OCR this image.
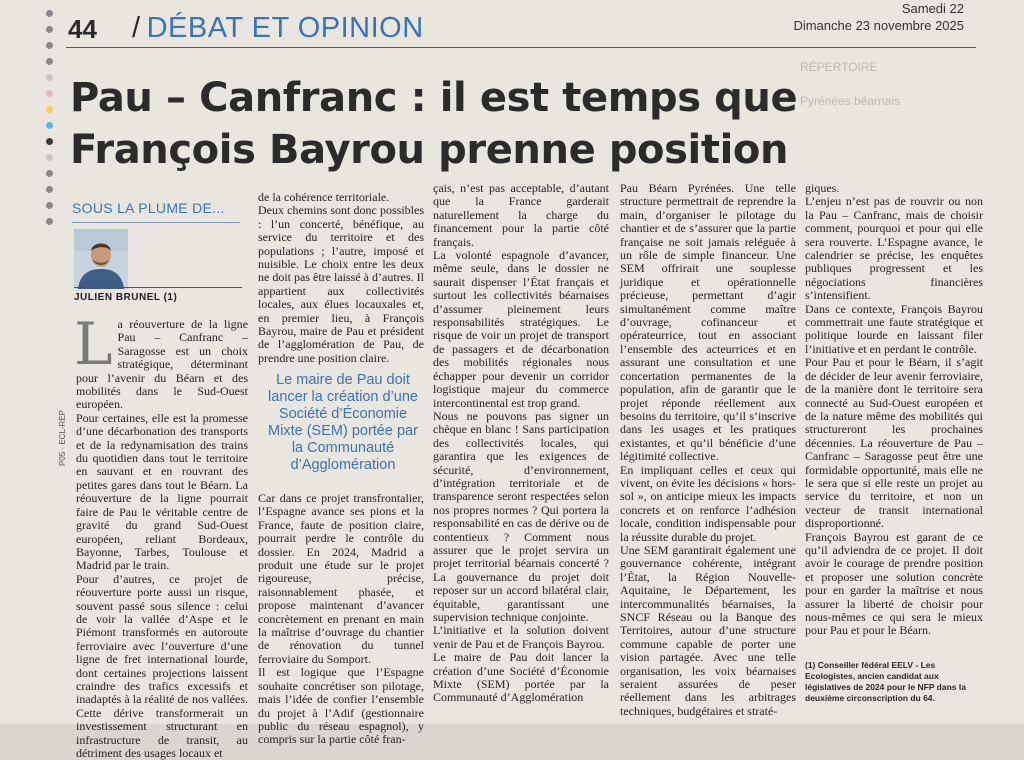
44 / DÉBAT ET OPINION
Samedi 22
Dimanche 23 novembre 2025
RÉPERTOIRE
Pyrénées béarnais
Pau – Canfranc : il est temps que François Bayrou prenne position
SOUS LA PLUME DE...
JULIEN BRUNEL (1)
P05 · ECL-REP
L a réouverture de la ligne Pau – Canfranc – Saragosse est un choix stratégique, déterminant pour l’avenir du Béarn et des mobilités dans le Sud-Ouest européen.

Pour certaines, elle est la promesse d’une décarbonation des transports et de la redynamisation des trains du quotidien dans tout le territoire en sauvant et en rouvrant des petites gares dans tout le Béarn. La réouverture de la ligne pourrait faire de Pau le véritable centre de gravité du grand Sud-Ouest européen, reliant Bordeaux, Bayonne, Tarbes, Toulouse et Madrid par le train.

Pour d’autres, ce projet de réouverture porte aussi un risque, souvent passé sous silence : celui de voir la vallée d’Aspe et le Piémont transformés en autoroute ferroviaire avec l’ouverture d’une ligne de fret international lourde, dont certaines projections laissent craindre des trafics excessifs et inadaptés à la réalité de nos vallées. Cette dérive transformerait un investissement structurant en infrastructure de transit, au détriment des usages locaux et

de la cohérence territoriale.

Deux chemins sont donc possibles : l’un concerté, bénéfique, au service du territoire et des populations ; l’autre, imposé et nuisible. Le choix entre les deux ne doit pas être laissé à d’autres. Il appartient aux collectivités locales, aux élues locauxales et, en premier lieu, à François Bayrou, maire de Pau et président de l’agglomération de Pau, de prendre une position claire.

Le maire de Pau doit lancer la création d’une Société d’Économie Mixte (SEM) portée par la Communauté d’Agglomération

Car dans ce projet transfrontalier, l’Espagne avance ses pions et la France, faute de position claire, pourrait perdre le contrôle du dossier. En 2024, Madrid a produit une étude sur le projet rigoureuse, précise, raisonnablement phasée, et propose maintenant d’avancer concrètement en prenant en main la maîtrise d’ouvrage du chantier de rénovation du tunnel ferroviaire du Somport.

Il est logique que l’Espagne souhaite concrétiser son pilotage, mais l’idée de confier l’ensemble du projet à l’Adif (gestionnaire public du réseau espagnol), y compris sur la partie côté fran-

çais, n’est pas acceptable, d’autant que la France garderait naturellement la charge du financement pour la partie côté français.

La volonté espagnole d’avancer, même seule, dans le dossier ne saurait dispenser l’État français et surtout les collectivités béarnaises d’assumer pleinement leurs responsabilités stratégiques. Le risque de voir un projet de transport de passagers et de décarbonation des mobilités régionales nous échapper pour devenir un corridor logistique majeur du commerce intercontinental est trop grand.

Nous ne pouvons pas signer un chèque en blanc ! Sans participation des collectivités locales, qui garantira que les exigences de sécurité, d’environnement, d’intégration territoriale et de transparence seront respectées selon nos propres normes ? Qui portera la responsabilité en cas de dérive ou de contentieux ? Comment nous assurer que le projet servira un projet territorial béarnais concerté ? La gouvernance du projet doit reposer sur un accord bilatéral clair, équitable, garantissant une supervision technique conjointe.

L’initiative et la solution doivent venir de Pau et de François Bayrou.

Le maire de Pau doit lancer la création d’une Société d’Économie Mixte (SEM) portée par la Communauté d’Agglomération

Pau Béarn Pyrénées. Une telle structure permettrait de reprendre la main, d’organiser le pilotage du chantier et de s’assurer que la partie française ne soit jamais reléguée à un rôle de simple financeur. Une SEM offrirait une souplesse juridique et opérationnelle précieuse, permettant d’agir simultanément comme maître d’ouvrage, cofinanceur et opérateurrice, tout en associant l’ensemble des acteurrices et en assurant une consultation et une concertation permanentes de la population, afin de garantir que le projet réponde réellement aux besoins du territoire, qu’il s’inscrive dans les usages et les pratiques existantes, et qu’il bénéficie d’une légitimité collective.

En impliquant celles et ceux qui vivent, on évite les décisions « hors-sol », on anticipe mieux les impacts concrets et on renforce l’adhésion locale, condition indispensable pour la réussite durable du projet.

Une SEM garantirait également une gouvernance cohérente, intégrant l’État, la Région Nouvelle-Aquitaine, le Département, les intercommunalités béarnaises, la SNCF Réseau ou la Banque des Territoires, autour d’une structure commune capable de porter une vision partagée. Avec une telle organisation, les voix béarnaises seraient assurées de peser réellement dans les arbitrages techniques, budgétaires et straté-

giques.

L’enjeu n’est pas de rouvrir ou non la Pau – Canfranc, mais de choisir comment, pourquoi et pour qui elle sera rouverte. L’Espagne avance, le calendrier se précise, les enquêtes publiques progressent et les négociations financières s’intensifient.

Dans ce contexte, François Bayrou commettrait une faute stratégique et politique lourde en laissant filer l’initiative et en perdant le contrôle.

Pour Pau et pour le Béarn, il s’agit de décider de leur avenir ferroviaire, de la manière dont le territoire sera connecté au Sud-Ouest européen et de la nature même des mobilités qui structureront les prochaines décennies. La réouverture de Pau – Canfranc – Saragosse peut être une formidable opportunité, mais elle ne le sera que si elle reste un projet au service du territoire, et non un vecteur de transit international disproportionné.

François Bayrou est garant de ce qu’il adviendra de ce projet. Il doit avoir le courage de prendre position et proposer une solution concrète pour en garder la maîtrise et nous assurer la liberté de choisir pour nous-mêmes ce qui sera le mieux pour Pau et pour le Béarn.

(1) Conseiller fédéral EELV - Les Ecologistes, ancien candidat aux législatives de 2024 pour le NFP dans la deuxième circonscription du 64.
